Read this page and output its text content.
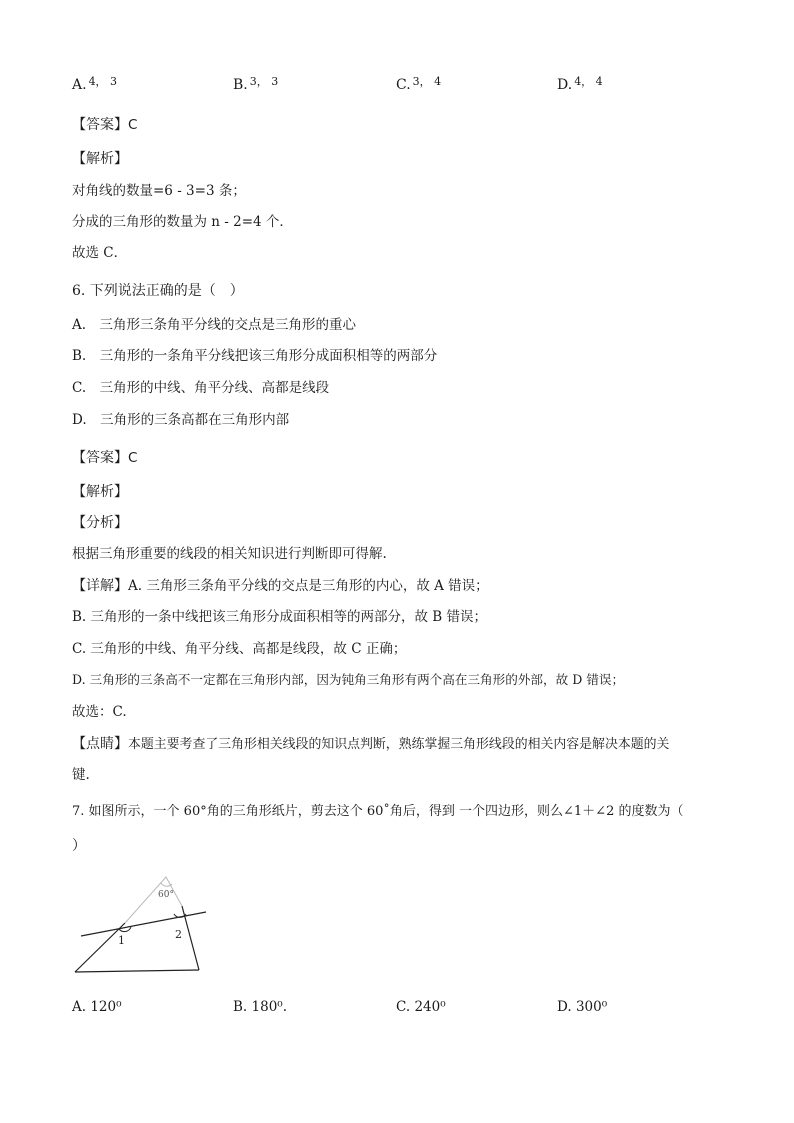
A. $^{4, 3}$	B. $^{3, 3}$	C. $^{3, 4}$	D. $^{4, 4}$
【答案】C
【解析】
对角线的数量=6 - 3=3 条；
分成的三角形的数量为 n - 2=4 个．
故选 C．
6. 下列说法正确的是（　）
A.　三角形三条角平分线的交点是三角形的重心
B.　三角形的一条角平分线把该三角形分成面积相等的两部分
C.　三角形的中线、角平分线、高都是线段
D.　三角形的三条高都在三角形内部
【答案】C
【解析】
【分析】
根据三角形重要的线段的相关知识进行判断即可得解.
【详解】A. 三角形三条角平分线的交点是三角形的内心，故 A 错误；
B. 三角形的一条中线把该三角形分成面积相等的两部分，故 B 错误；
C. 三角形的中线、角平分线、高都是线段，故 C 正确；
D. 三角形的三条高不一定都在三角形内部，因为钝角三角形有两个高在三角形的外部，故 D 错误；
故选：C.
【点睛】本题主要考查了三角形相关线段的知识点判断，熟练掌握三角形线段的相关内容是解决本题的关
键.
7. 如图所示，一个 60°角的三角形纸片，剪去这个 60˚角后，得到 一个四边形，则么∠1＋∠2 的度数为（
）
60°
1	2
A. 120⁰	B. 180⁰.	C. 240⁰	D. 300⁰
